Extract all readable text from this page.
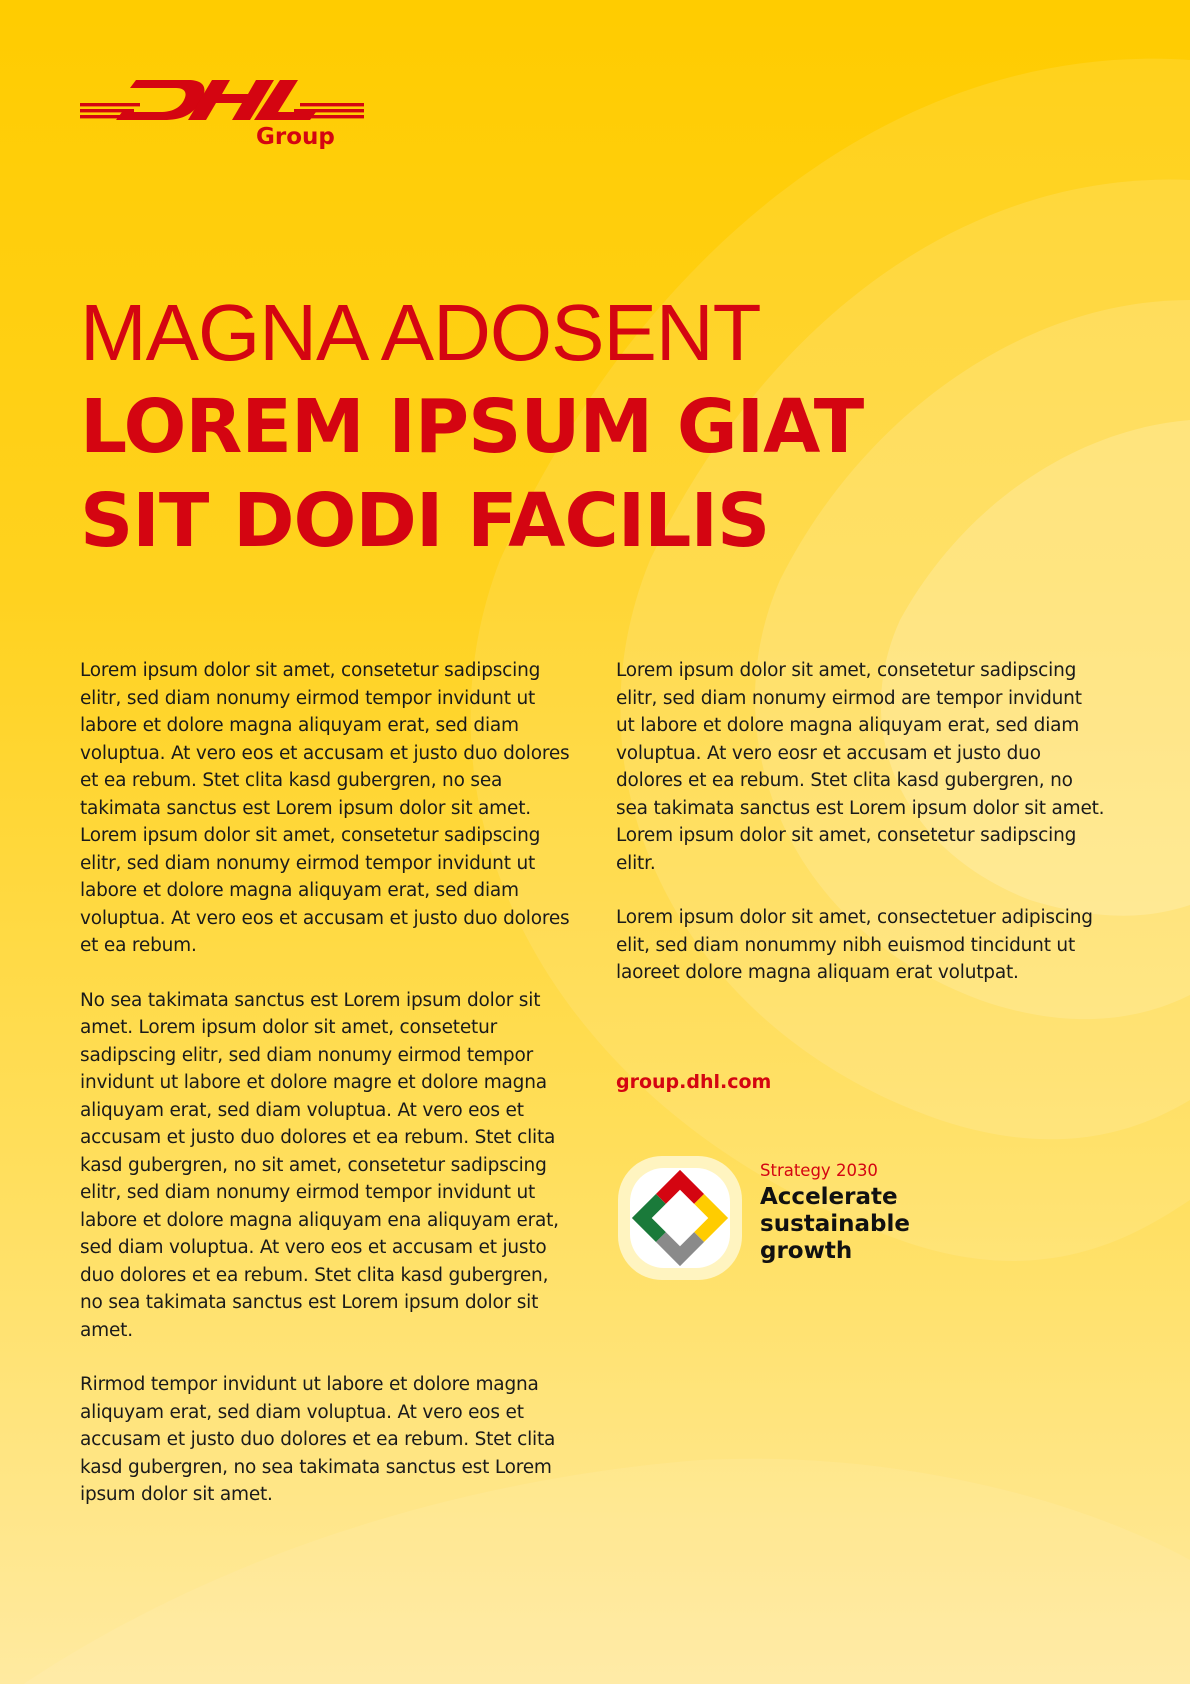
Group
MAGNA ADOSENT
LOREM IPSUM GIAT
SIT DODI FACILIS

Lorem ipsum dolor sit amet, consetetur sadipscing elitr, sed diam nonumy eirmod tempor invidunt ut labore et dolore magna aliquyam erat, sed diam voluptua. At vero eos et accusam et justo duo dolores et ea rebum. Stet clita kasd gubergren, no sea takimata sanctus est Lorem ipsum dolor sit amet. Lorem ipsum dolor sit amet, consetetur sadipscing elitr, sed diam nonumy eirmod tempor invidunt ut labore et dolore magna aliquyam erat, sed diam voluptua. At vero eos et accusam et justo duo dolores et ea rebum.

No sea takimata sanctus est Lorem ipsum dolor sit amet. Lorem ipsum dolor sit amet, consetetur sadipscing elitr, sed diam nonumy eirmod tempor invidunt ut labore et dolore magre et dolore magna aliquyam erat, sed diam voluptua. At vero eos et accusam et justo duo dolores et ea rebum. Stet clita kasd gubergren, no sit amet, consetetur sadipscing elitr, sed diam nonumy eirmod tempor invidunt ut labore et dolore magna aliquyam ena aliquyam erat, sed diam voluptua. At vero eos et accusam et justo duo dolores et ea rebum. Stet clita kasd gubergren, no sea takimata sanctus est Lorem ipsum dolor sit amet.

Rirmod tempor invidunt ut labore et dolore magna aliquyam erat, sed diam voluptua. At vero eos et accusam et justo duo dolores et ea rebum. Stet clita kasd gubergren, no sea takimata sanctus est Lorem ipsum dolor sit amet.

Lorem ipsum dolor sit amet, consetetur sadipscing elitr, sed diam nonumy eirmod are tempor invidunt ut labore et dolore magna aliquyam erat, sed diam voluptua. At vero eosr et accusam et justo duo dolores et ea rebum. Stet clita kasd gubergren, no sea takimata sanctus est Lorem ipsum dolor sit amet. Lorem ipsum dolor sit amet, consetetur sadipscing elitr.

Lorem ipsum dolor sit amet, consectetuer adipiscing elit, sed diam nonummy nibh euismod tincidunt ut laoreet dolore magna aliquam erat volutpat.

group.dhl.com
Strategy 2030
Accelerate
sustainable
growth
